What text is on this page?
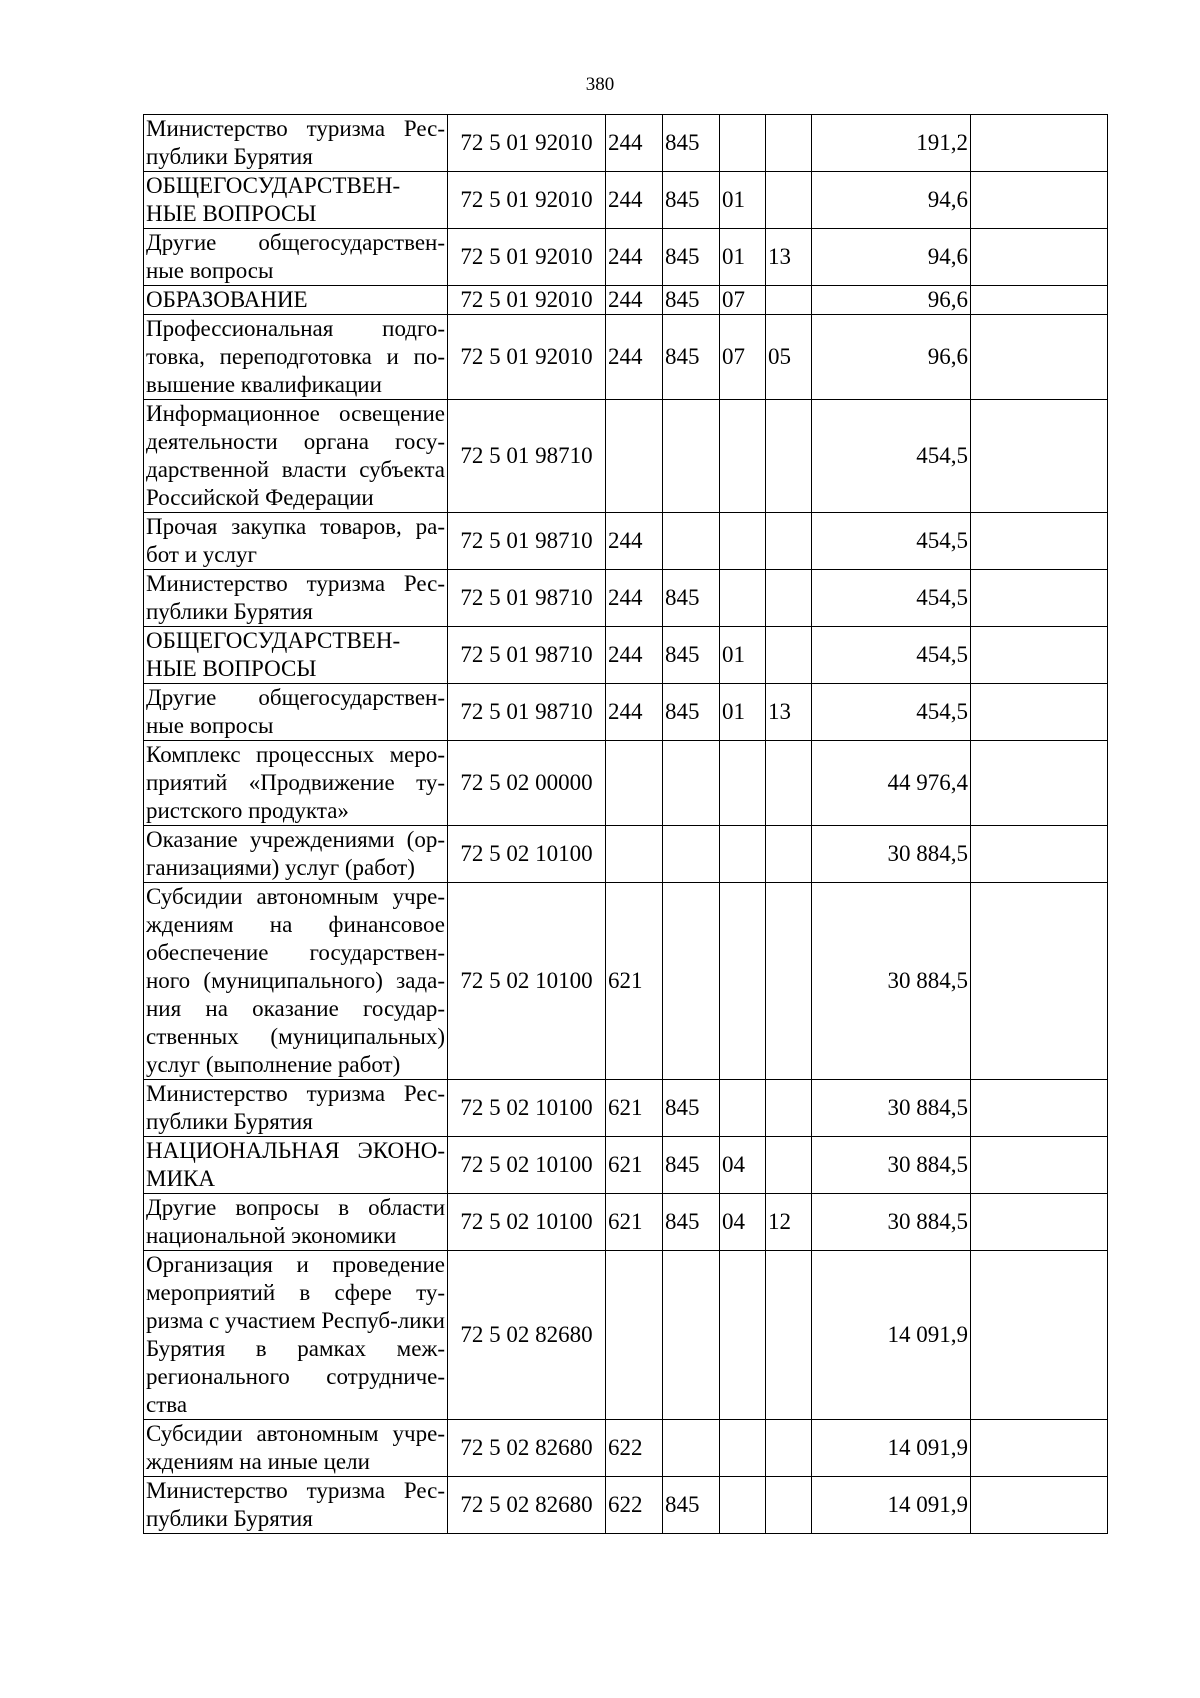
380
Министерство туризма Рес-публики Бурятия	72 5 01 92010	244	845			191,2	
ОБЩЕГОСУДАРСТВЕН-НЫЕ ВОПРОСЫ	72 5 01 92010	244	845	01		94,6	
Другие общегосударствен-ные вопросы	72 5 01 92010	244	845	01	13	94,6	
ОБРАЗОВАНИЕ	72 5 01 92010	244	845	07		96,6	
Профессиональная подго-товка, переподготовка и по-вышение квалификации	72 5 01 92010	244	845	07	05	96,6	
Информационное освещение деятельности органа госу-дарственной власти субъекта Российской Федерации	72 5 01 98710					454,5	
Прочая закупка товаров, ра-бот и услуг	72 5 01 98710	244				454,5	
Министерство туризма Рес-публики Бурятия	72 5 01 98710	244	845			454,5	
ОБЩЕГОСУДАРСТВЕН-НЫЕ ВОПРОСЫ	72 5 01 98710	244	845	01		454,5	
Другие общегосударствен-ные вопросы	72 5 01 98710	244	845	01	13	454,5	
Комплекс процессных меро-приятий «Продвижение ту-ристского продукта»	72 5 02 00000					44 976,4	
Оказание учреждениями (ор-ганизациями) услуг (работ)	72 5 02 10100					30 884,5	
Субсидии автономным учре-ждениям на финансовое обеспечение государствен-ного (муниципального) зада-ния на оказание государ-ственных (муниципальных) услуг (выполнение работ)	72 5 02 10100	621				30 884,5	
Министерство туризма Рес-публики Бурятия	72 5 02 10100	621	845			30 884,5	
НАЦИОНАЛЬНАЯ ЭКОНО-МИКА	72 5 02 10100	621	845	04		30 884,5	
Другие вопросы в области национальной экономики	72 5 02 10100	621	845	04	12	30 884,5	
Организация и проведение мероприятий в сфере ту-ризма с участием Респуб-лики Бурятия в рамках меж-регионального сотрудниче-ства	72 5 02 82680					14 091,9	
Субсидии автономным учре-ждениям на иные цели	72 5 02 82680	622				14 091,9	
Министерство туризма Рес-публики Бурятия	72 5 02 82680	622	845			14 091,9	
